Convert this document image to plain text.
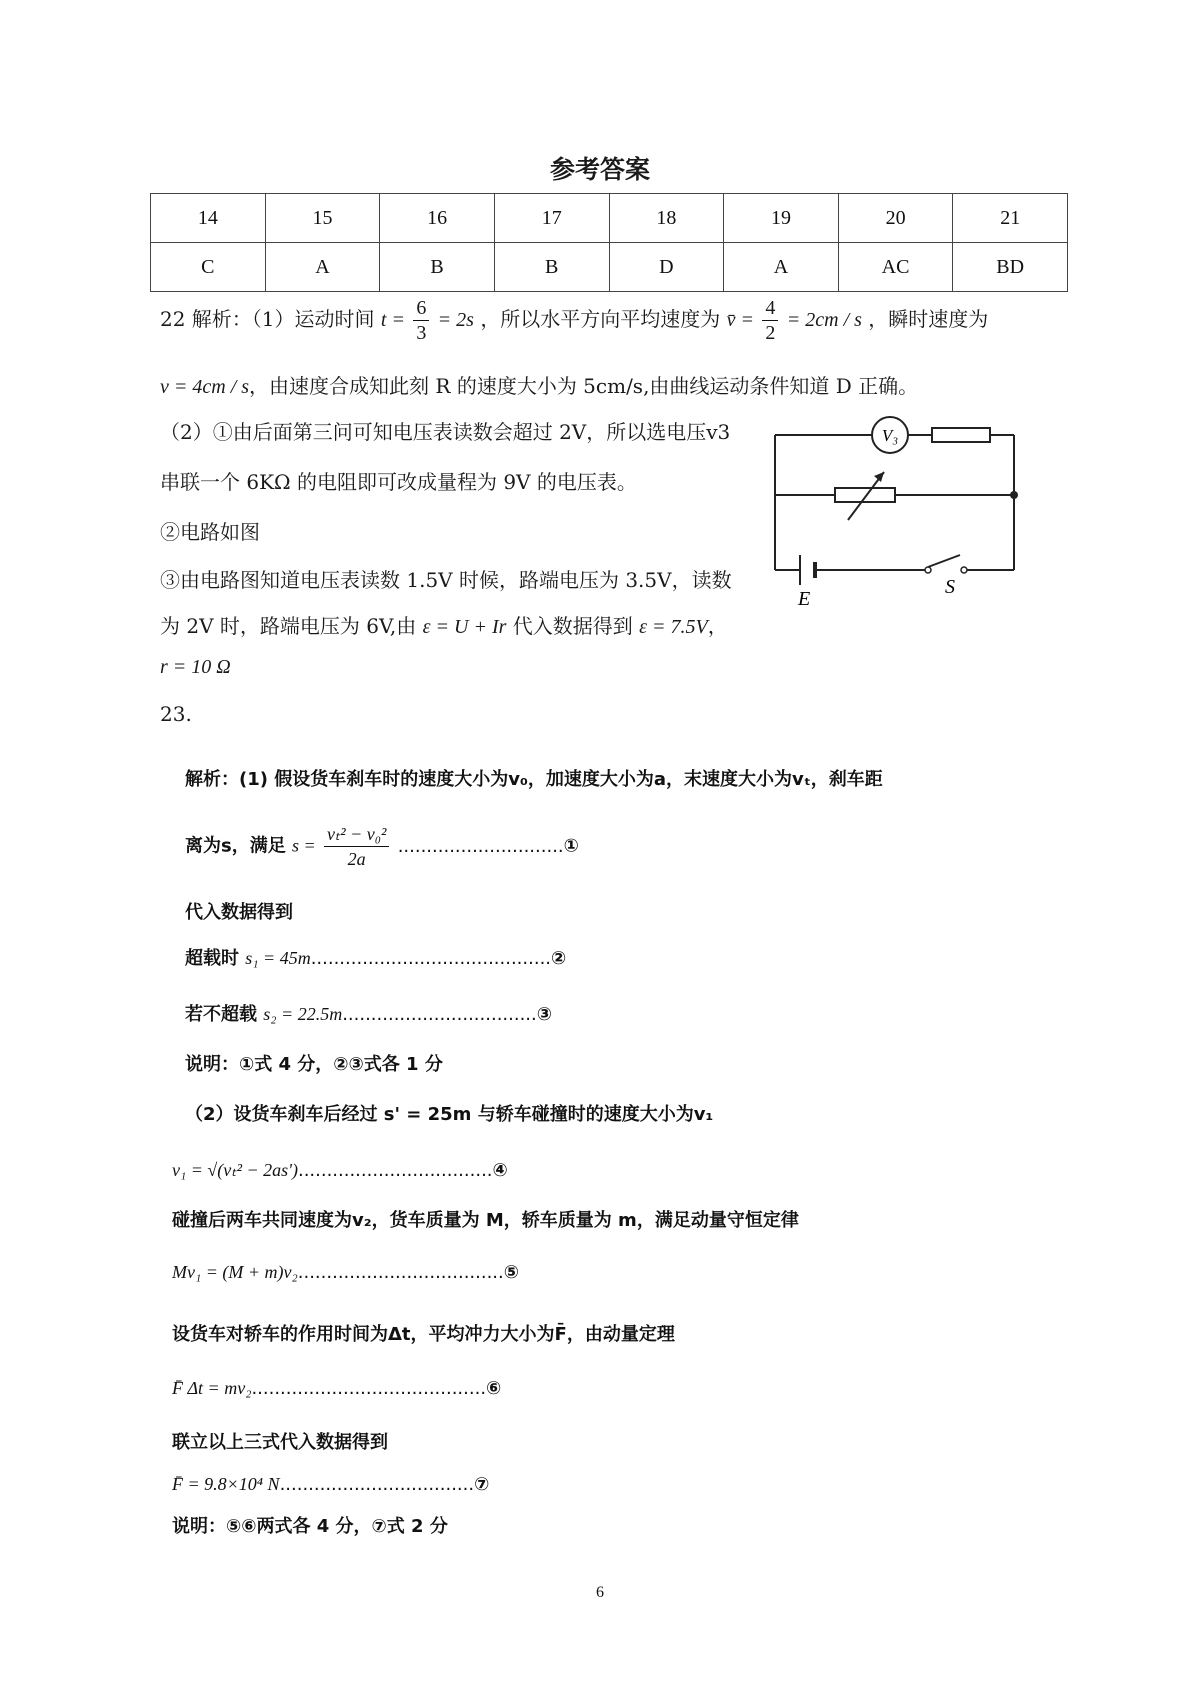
参考答案
14	15	16	17	18	19	20	21
C	A	B	B	D	A	AC	BD
22 解析：（1）运动时间 $t = \frac{6}{3} = 2s$ ，所以水平方向平均速度为 v̄ = $\frac{4}{2} = 2cm / s$ ，瞬时速度为
v = 4cm / s，由速度合成知此刻 R 的速度大小为 5cm/s,由曲线运动条件知道 D 正确。
（2）①由后面第三问可知电压表读数会超过 2V，所以选电压v3
串联一个 6KΩ 的电阻即可改成量程为 9V 的电压表。
②电路如图
③由电路图知道电压表读数 1.5V 时候，路端电压为 3.5V，读数
为 2V 时，路端电压为 6V,由 ε = U + Ir 代入数据得到 ε = 7.5V，
r = 10 Ω
V₃
E
S
23.
解析：(1) 假设货车刹车时的速度大小为v₀，加速度大小为a，末速度大小为vₜ，刹车距
离为s，满足 $s = \frac{\text{vₜ² − v₀²}}{2a}$ .............................①
代入数据得到
超载时 s₁ = 45m..........................................②
若不超载 s₂ = 22.5m..................................③
说明：①式 4 分，②③式各 1 分
（2）设货车刹车后经过 s' = 25m 与轿车碰撞时的速度大小为v₁
v₁ = √(vₜ² − 2as')..................................④
碰撞后两车共同速度为v₂，货车质量为 M，轿车质量为 m，满足动量守恒定律
Mv₁ = (M + m)v₂....................................⑤
设货车对轿车的作用时间为Δt，平均冲力大小为F̄，由动量定理
F̄ Δt = mv₂.........................................⑥
联立以上三式代入数据得到
F̄ = 9.8×10⁴ N..................................⑦
说明：⑤⑥两式各 4 分，⑦式 2 分
6
